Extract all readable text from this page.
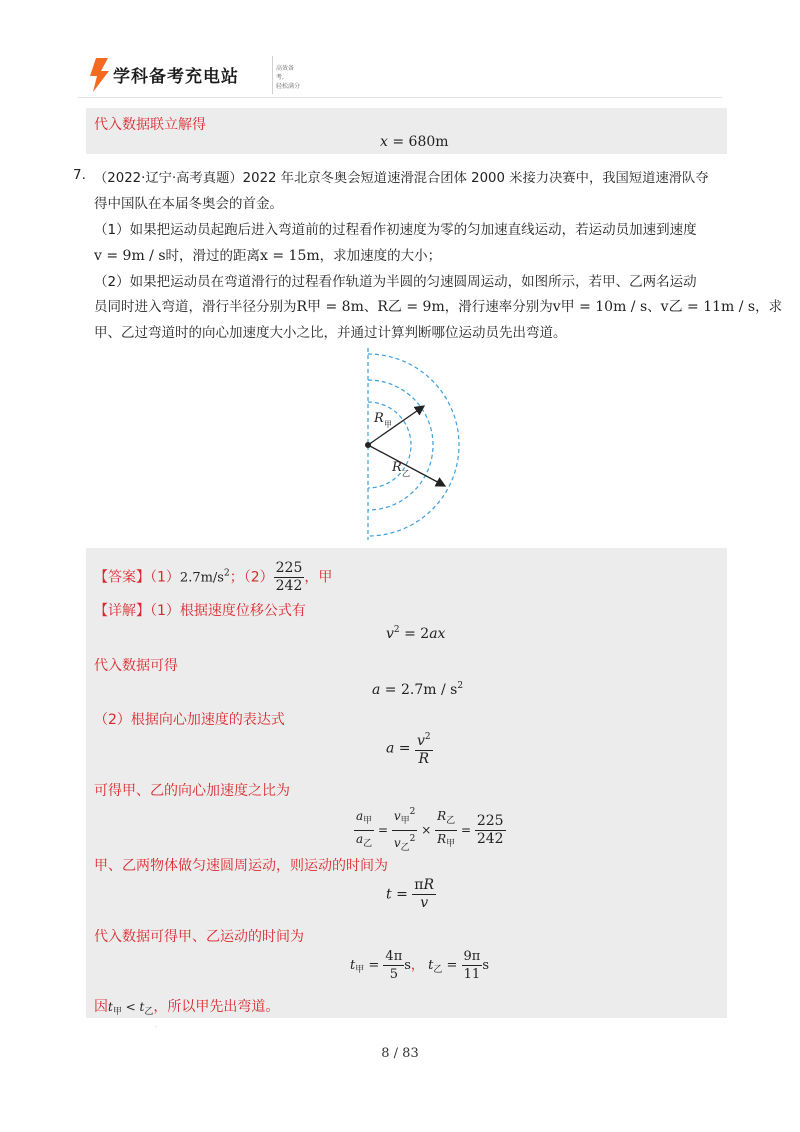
学科备考充电站	高效备考,
轻松满分
代入数据联立解得
x = 680m
7. （2022·辽宁·高考真题）2022 年北京冬奥会短道速滑混合团体 2000 米接力决赛中，我国短道速滑队夺
得中国队在本届冬奥会的首金。
（1）如果把运动员起跑后进入弯道前的过程看作初速度为零的匀加速直线运动，若运动员加速到速度
v = 9m / s时，滑过的距离x = 15m，求加速度的大小；
（2）如果把运动员在弯道滑行的过程看作轨道为半圆的匀速圆周运动，如图所示，若甲、乙两名运动
员同时进入弯道，滑行半径分别为R甲 = 8m、R乙 = 9m，滑行速率分别为v甲 = 10m / s、v乙 = 11m / s，求
甲、乙过弯道时的向心加速度大小之比，并通过计算判断哪位运动员先出弯道。
R 甲
R 乙
【答案】$(1)2.7m/s^2$；$(2) \frac{225}{242}$ ，甲
【详解】（1）根据速度位移公式有
$v^2 = 2ax$
代入数据可得
$a = 2.7m / s^2$
（2）根据向心加速度的表达式
$a = \frac{v^2}{R}$
可得甲、乙的向心加速度之比为
$\frac{a_甲}{a_乙} = \frac{v_甲^2}{v_乙^2} \times \frac{R_乙}{R_甲} = \frac{225}{242}$
甲、乙两物体做匀速圆周运动，则运动的时间为
$t = \frac{\pi R}{v}$
代入数据可得甲、乙运动的时间为
$t_甲 = \frac{4\pi}{5}$ s， $t_乙 = \frac{9\pi}{11}$ s
因$t_甲 < t_乙$，所以甲先出弯道。
·
8 / 83
